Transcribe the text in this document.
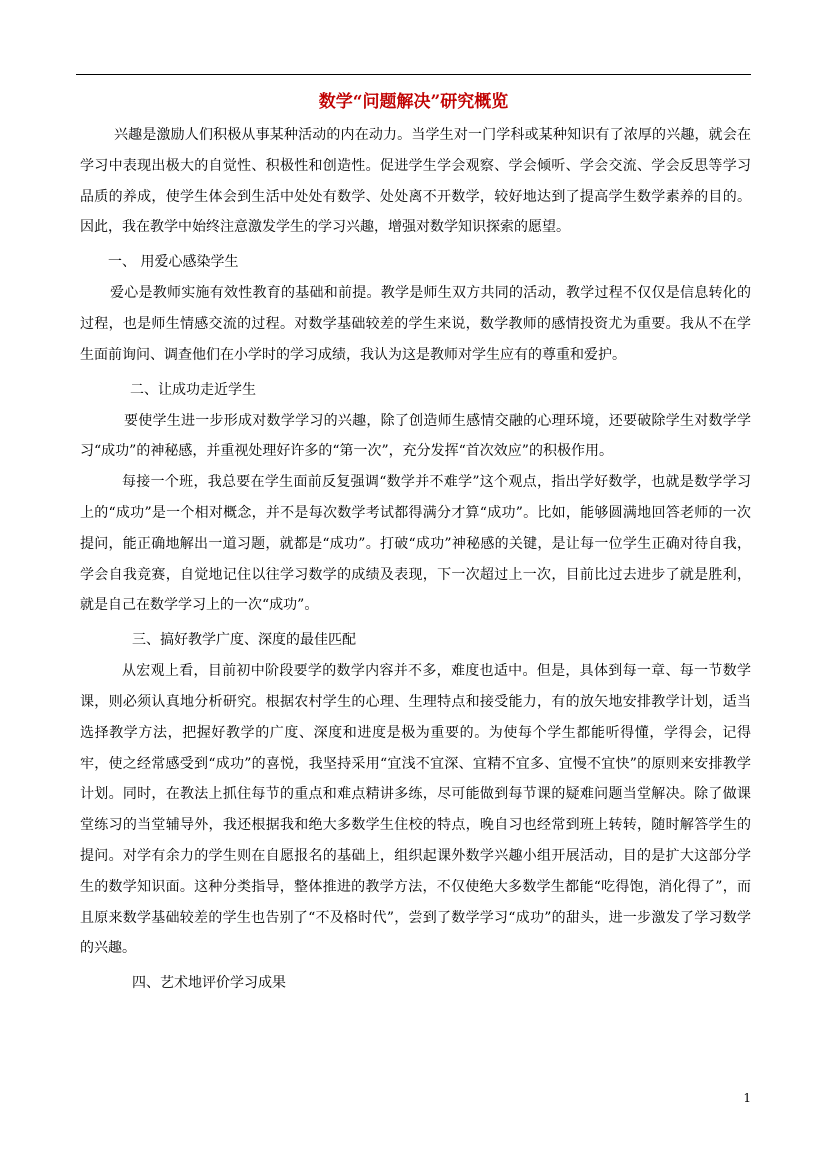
数学“问题解决”研究概览

兴趣是激励人们积极从事某种活动的内在动力。当学生对一门学科或某种知识有了浓厚的兴趣，就会在学习中表现出极大的自觉性、积极性和创造性。促进学生学会观察、学会倾听、学会交流、学会反思等学习品质的养成，使学生体会到生活中处处有数学、处处离不开数学，较好地达到了提高学生数学素养的目的。 因此，我在教学中始终注意激发学生的学习兴趣，增强对数学知识探索的愿望。

一、 用爱心感染学生

爱心是教师实施有效性教育的基础和前提。教学是师生双方共同的活动，教学过程不仅仅是信息转化的过程，也是师生情感交流的过程。对数学基础较差的学生来说，数学教师的感情投资尤为重要。我从不在学生面前询问、调查他们在小学时的学习成绩，我认为这是教师对学生应有的尊重和爱护。

二、让成功走近学生

要使学生进一步形成对数学学习的兴趣，除了创造师生感情交融的心理环境，还要破除学生对数学学习“成功”的神秘感，并重视处理好许多的“第一次”，充分发挥“首次效应”的积极作用。

每接一个班，我总要在学生面前反复强调“数学并不难学”这个观点，指出学好数学，也就是数学学习上的“成功”是一个相对概念，并不是每次数学考试都得满分才算“成功”。比如，能够圆满地回答老师的一次提问，能正确地解出一道习题，就都是“成功”。打破“成功”神秘感的关键，是让每一位学生正确对待自我，学会自我竞赛，自觉地记住以往学习数学的成绩及表现，下一次超过上一次，目前比过去进步了就是胜利，就是自己在数学学习上的一次“成功”。

三、搞好教学广度、深度的最佳匹配

从宏观上看，目前初中阶段要学的数学内容并不多，难度也适中。但是，具体到每一章、每一节数学课，则必须认真地分析研究。根据农村学生的心理、生理特点和接受能力，有的放矢地安排教学计划，适当选择教学方法，把握好教学的广度、深度和进度是极为重要的。为使每个学生都能听得懂，学得会，记得牢，使之经常感受到“成功”的喜悦，我坚持采用“宜浅不宜深、宜精不宜多、宜慢不宜快”的原则来安排教学计划。同时，在教法上抓住每节的重点和难点精讲多练，尽可能做到每节课的疑难问题当堂解决。除了做课堂练习的当堂辅导外，我还根据我和绝大多数学生住校的特点，晚自习也经常到班上转转，随时解答学生的提问。对学有余力的学生则在自愿报名的基础上，组织起课外数学兴趣小组开展活动，目的是扩大这部分学生的数学知识面。这种分类指导，整体推进的教学方法，不仅使绝大多数学生都能“吃得饱，消化得了”，而且原来数学基础较差的学生也告别了“不及格时代”，尝到了数学学习“成功”的甜头，进一步激发了学习数学的兴趣。

四、艺术地评价学习成果

1
